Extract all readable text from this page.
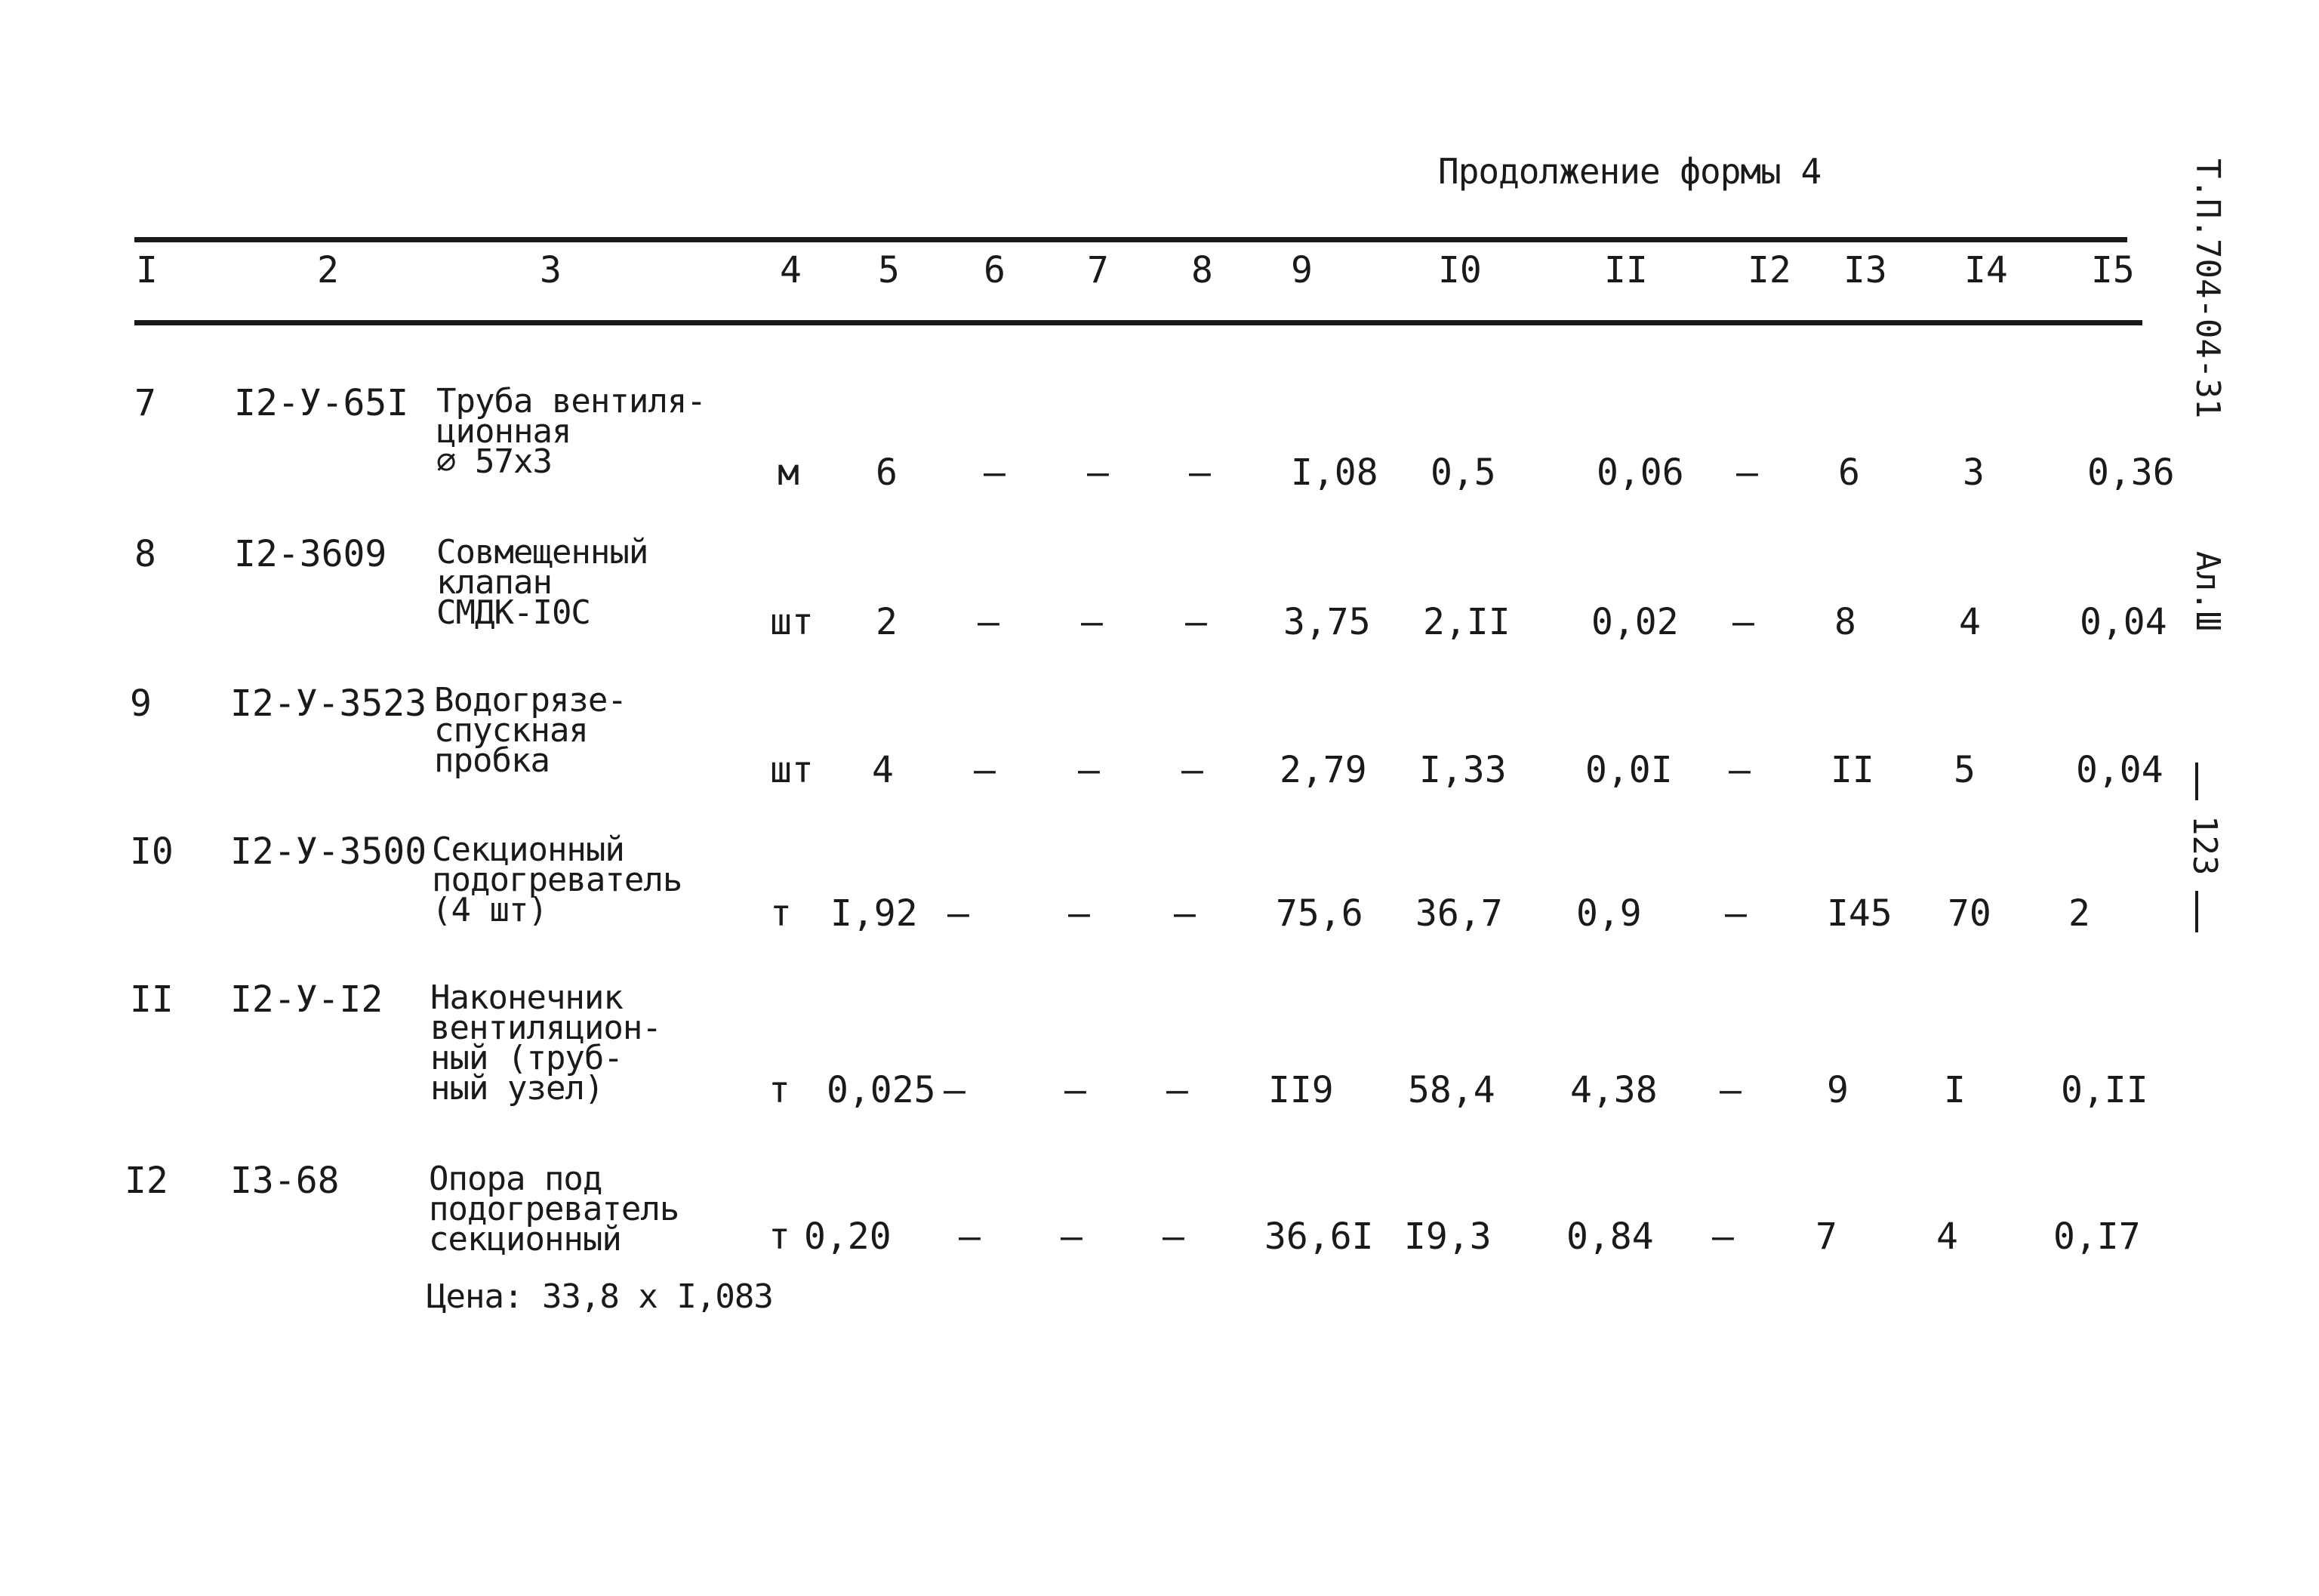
Продолжение формы 4	Т.П.704-04-31
Ал.Ш
123
I	2	3	4 5 6 7 8 9	I0	II	I2 I3 I4 I5
7 I2-У-65I Труба вентиля-
ционная
⌀ 57х3	м 6 – – – I,08 0,5	0,06 – 6	3	0,36
8 I2-3609 Совмещенный
клапан
СМДК-I0С	шт 2 – – – 3,75 2,II 0,02 – 8	4	0,04
9 I2-У-3523 Водогрязе-
спускная
пробка	шт 4 – – – 2,79 I,33 0,0I – II 5	0,04
I0 I2-У-3500 Секционный
подогреватель
(4 шт)	т I,92 –	– – 75,6 36,7 0,9 – I45 70 2
II I2-У-I2 Наконечник
вентиляцион-
ный (труб-
ный узел)	т 0,025 –	– – II9 58,4 4,38 – 9	I	0,II
I2 I3-68	Опора под
подогреватель
секционный	т 0,20 – – – 36,6I I9,3 0,84 – 7	4	0,I7
Цена: 33,8 х I,083
